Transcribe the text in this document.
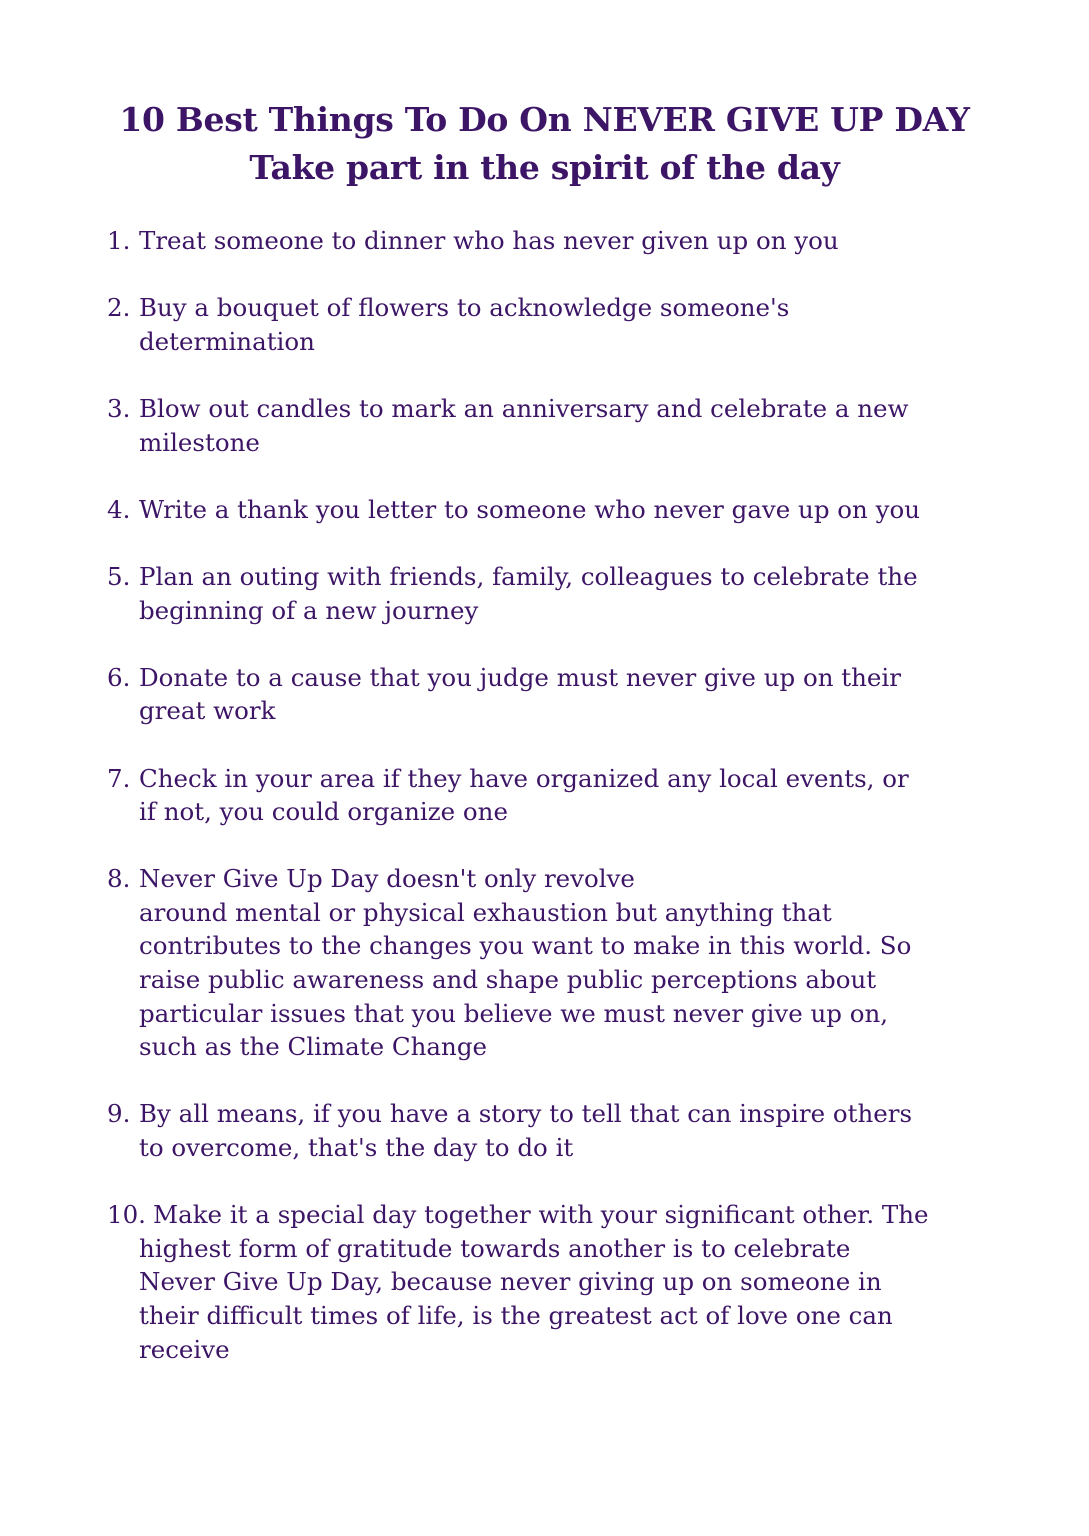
10 Best Things To Do On NEVER GIVE UP DAY
Take part in the spirit of the day
1. Treat someone to dinner who has never given up on you
2. Buy a bouquet of flowers to acknowledge someone's
determination
3. Blow out candles to mark an anniversary and celebrate a new
milestone
4. Write a thank you letter to someone who never gave up on you
5. Plan an outing with friends, family, colleagues to celebrate the
beginning of a new journey
6. Donate to a cause that you judge must never give up on their
great work
7. Check in your area if they have organized any local events, or
if not, you could organize one
8. Never Give Up Day doesn't only revolve
around mental or physical exhaustion but anything that
contributes to the changes you want to make in this world. So
raise public awareness and shape public perceptions about
particular issues that you believe we must never give up on,
such as the Climate Change
9. By all means, if you have a story to tell that can inspire others
to overcome, that's the day to do it
10. Make it a special day together with your significant other. The
highest form of gratitude towards another is to celebrate
Never Give Up Day, because never giving up on someone in
their difficult times of life, is the greatest act of love one can
receive
